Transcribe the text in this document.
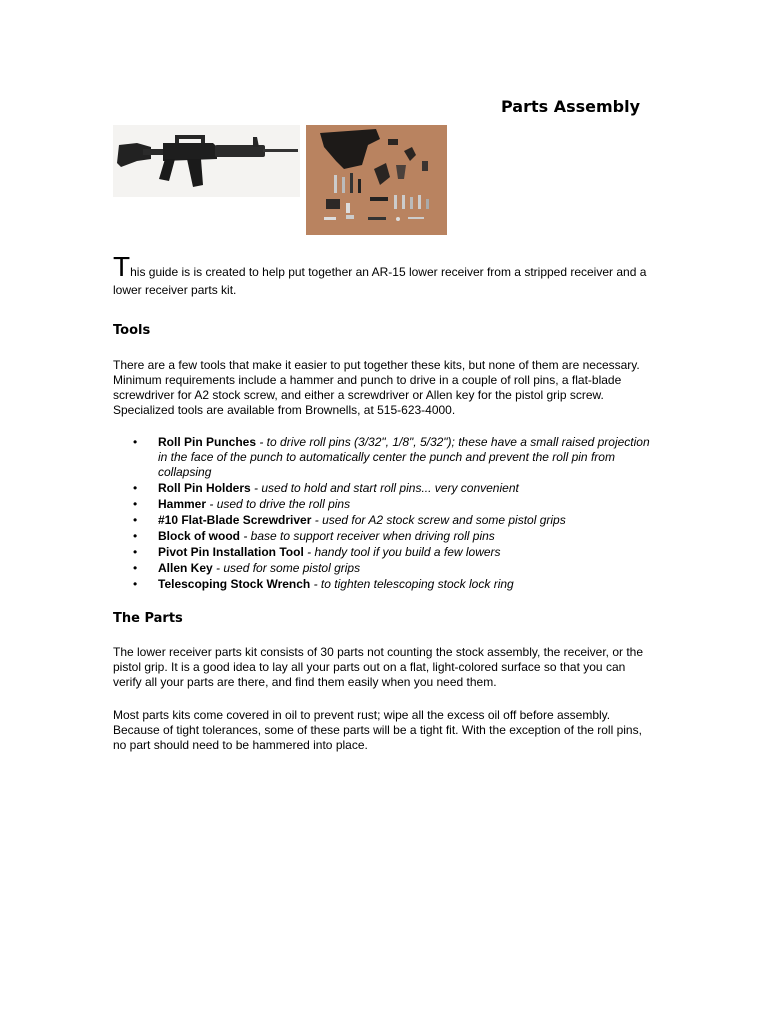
Parts Assembly

This guide is is created to help put together an AR-15 lower receiver from a stripped receiver and a lower receiver parts kit.

Tools

There are a few tools that make it easier to put together these kits, but none of them are necessary. Minimum requirements include a hammer and punch to drive in a couple of roll pins, a flat-blade screwdriver for A2 stock screw, and either a screwdriver or Allen key for the pistol grip screw. Specialized tools are available from Brownells, at 515-623-4000.

• Roll Pin Punches - to drive roll pins (3/32", 1/8", 5/32"); these have a small raised projection in the face of the punch to automatically center the punch and prevent the roll pin from collapsing
• Roll Pin Holders - used to hold and start roll pins... very convenient
• Hammer - used to drive the roll pins
• #10 Flat-Blade Screwdriver - used for A2 stock screw and some pistol grips
• Block of wood - base to support receiver when driving roll pins
• Pivot Pin Installation Tool - handy tool if you build a few lowers
• Allen Key - used for some pistol grips
• Telescoping Stock Wrench - to tighten telescoping stock lock ring
The Parts

The lower receiver parts kit consists of 30 parts not counting the stock assembly, the receiver, or the pistol grip. It is a good idea to lay all your parts out on a flat, light-colored surface so that you can verify all your parts are there, and find them easily when you need them.

Most parts kits come covered in oil to prevent rust; wipe all the excess oil off before assembly. Because of tight tolerances, some of these parts will be a tight fit. With the exception of the roll pins, no part should need to be hammered into place.
